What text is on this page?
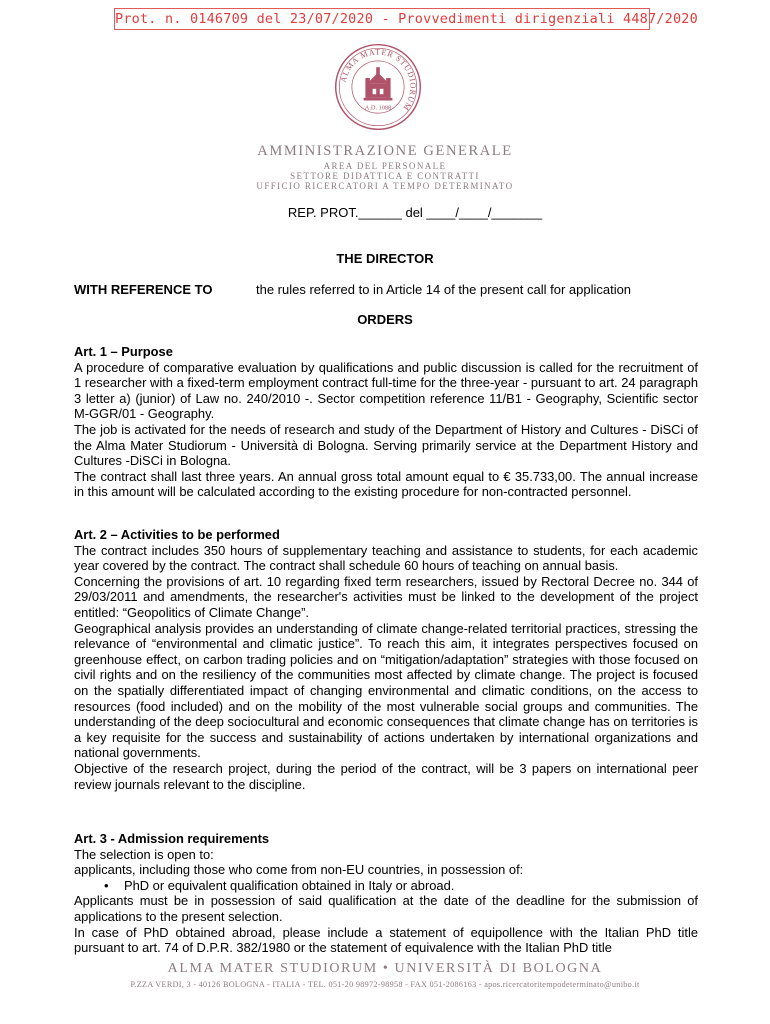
Prot. n. 0146709 del 23/07/2020 - Provvedimenti dirigenziali 4487/2020
ALMA MATER STUDIORUM
A.D. 1088
AMMINISTRAZIONE GENERALE
AREA DEL PERSONALE
SETTORE DIDATTICA E CONTRATTI
UFFICIO RICERCATORI A TEMPO DETERMINATO
REP. PROT.______ del ____/____/_______
THE DIRECTOR
WITH REFERENCE TO	the rules referred to in Article 14 of the present call for application
ORDERS

Art. 1 – Purpose

A procedure of comparative evaluation by qualifications and public discussion is called for the recruitment of 1 researcher with a fixed-term employment contract full-time for the three-year - pursuant to art. 24 paragraph 3 letter a) (junior) of Law no. 240/2010 -. Sector competition reference 11/B1 - Geography, Scientific sector M-GGR/01 - Geography.

The job is activated for the needs of research and study of the Department of History and Cultures - DiSCi of the Alma Mater Studiorum - Università di Bologna. Serving primarily service at the Department History and Cultures -DiSCi in Bologna.

The contract shall last three years. An annual gross total amount equal to € 35.733,00. The annual increase in this amount will be calculated according to the existing procedure for non-contracted personnel.

Art. 2 – Activities to be performed

The contract includes 350 hours of supplementary teaching and assistance to students, for each academic year covered by the contract. The contract shall schedule 60 hours of teaching on annual basis.

Concerning the provisions of art. 10 regarding fixed term researchers, issued by Rectoral Decree no. 344 of 29/03/2011 and amendments, the researcher's activities must be linked to the development of the project entitled: “Geopolitics of Climate Change”.

Geographical analysis provides an understanding of climate change-related territorial practices, stressing the relevance of “environmental and climatic justice”. To reach this aim, it integrates perspectives focused on greenhouse effect, on carbon trading policies and on “mitigation/adaptation” strategies with those focused on civil rights and on the resiliency of the communities most affected by climate change. The project is focused on the spatially differentiated impact of changing environmental and climatic conditions, on the access to resources (food included) and on the mobility of the most vulnerable social groups and communities. The understanding of the deep sociocultural and economic consequences that climate change has on territories is a key requisite for the success and sustainability of actions undertaken by international organizations and national governments.

Objective of the research project, during the period of the contract, will be 3 papers on international peer review journals relevant to the discipline.

Art. 3 - Admission requirements

The selection is open to:

applicants, including those who come from non-EU countries, in possession of:

•	PhD or equivalent qualification obtained in Italy or abroad.

Applicants must be in possession of said qualification at the date of the deadline for the submission of applications to the present selection.

In case of PhD obtained abroad, please include a statement of equipollence with the Italian PhD title pursuant to art. 74 of D.P.R. 382/1980 or the statement of equivalence with the Italian PhD title

ALMA MATER STUDIORUM • UNIVERSITÀ DI BOLOGNA
P.ZZA VERDI, 3 - 40126 BOLOGNA - ITALIA - TEL. 051-20 98972-98958 - FAX 051-2086163 - apos.ricercatoritempodeterminato@unibo.it
